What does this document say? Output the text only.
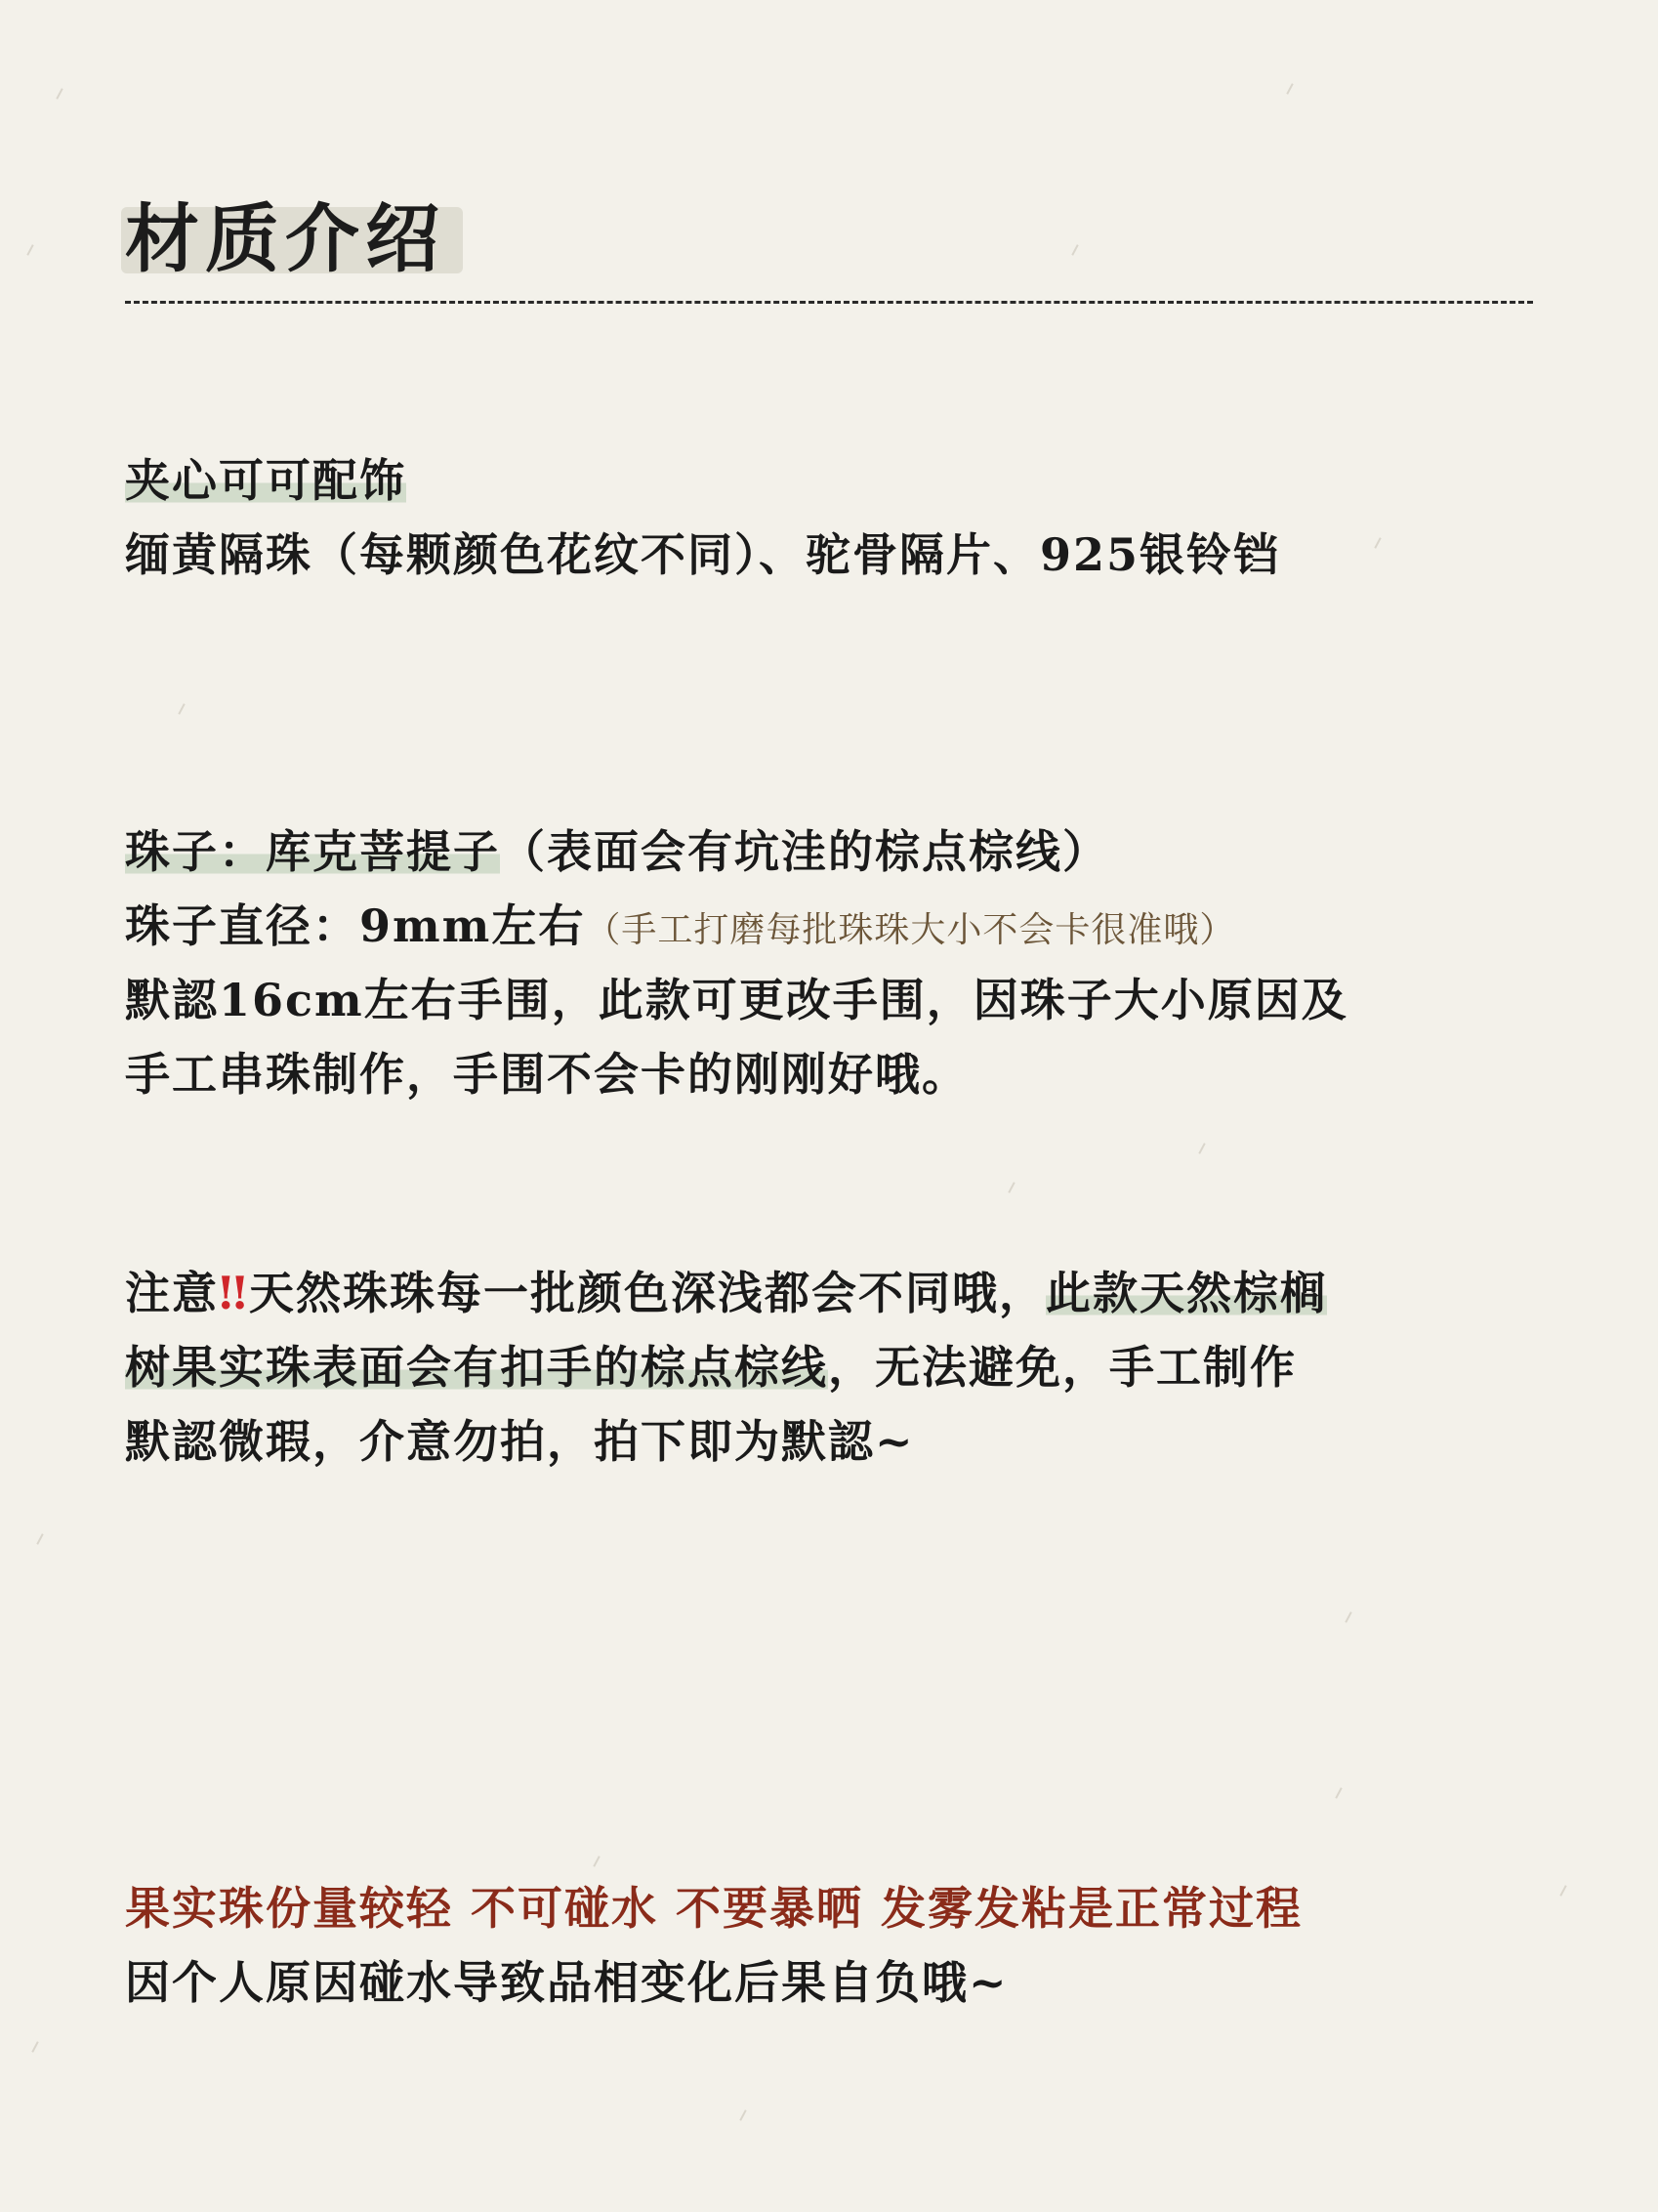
材质介绍
夹心可可配饰
缅黄隔珠（每颗颜色花纹不同）、驼骨隔片、925银铃铛
珠子：库克菩提子（表面会有坑洼的棕点棕线）
珠子直径：9mm左右（手工打磨每批珠珠大小不会卡很准哦）
默認16cm左右手围，此款可更改手围，因珠子大小原因及
手工串珠制作，手围不会卡的刚刚好哦。
注意‼天然珠珠每一批颜色深浅都会不同哦，此款天然棕榈
树果实珠表面会有扣手的棕点棕线，无法避免，手工制作
默認微瑕，介意勿拍，拍下即为默認~
果实珠份量较轻 不可碰水 不要暴晒 发雾发粘是正常过程
因个人原因碰水导致品相变化后果自负哦~
